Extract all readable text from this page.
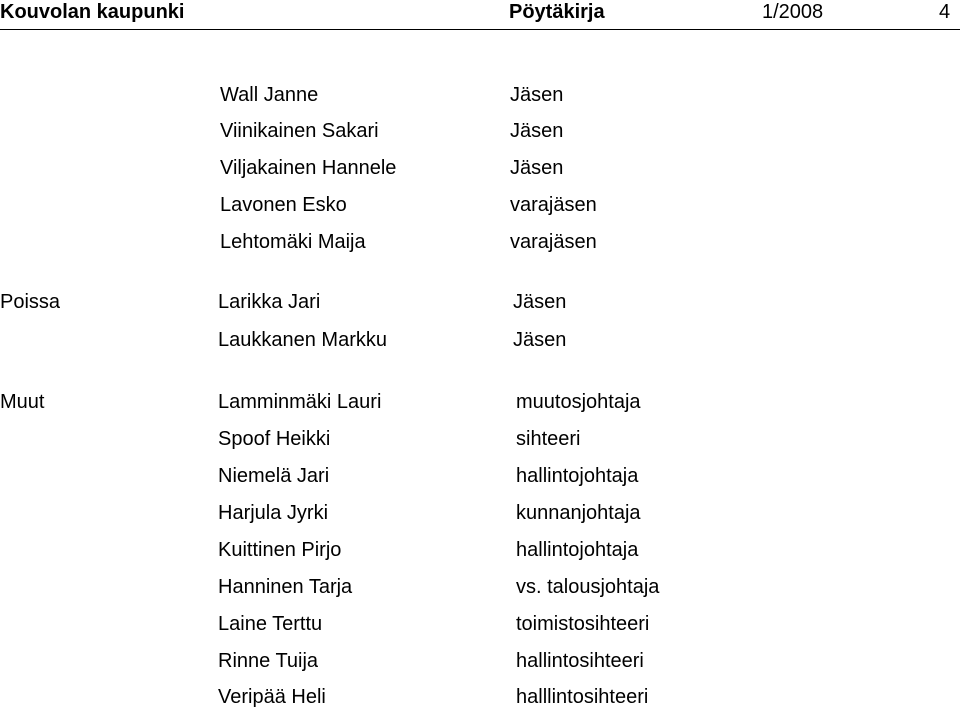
Kouvolan kaupunki	Pöytäkirja	1/2008	4
Wall Janne	Jäsen
Viinikainen Sakari	Jäsen
Viljakainen Hannele	Jäsen
Lavonen Esko	varajäsen
Lehtomäki Maija	varajäsen
Poissa	Larikka Jari	Jäsen
Laukkanen Markku	Jäsen
Muut	Lamminmäki Lauri	muutosjohtaja
Spoof Heikki	sihteeri
Niemelä Jari	hallintojohtaja
Harjula Jyrki	kunnanjohtaja
Kuittinen Pirjo	hallintojohtaja
Hanninen Tarja	vs. talousjohtaja
Laine Terttu	toimistosihteeri
Rinne Tuija	hallintosihteeri
Veripää Heli	halllintosihteeri
